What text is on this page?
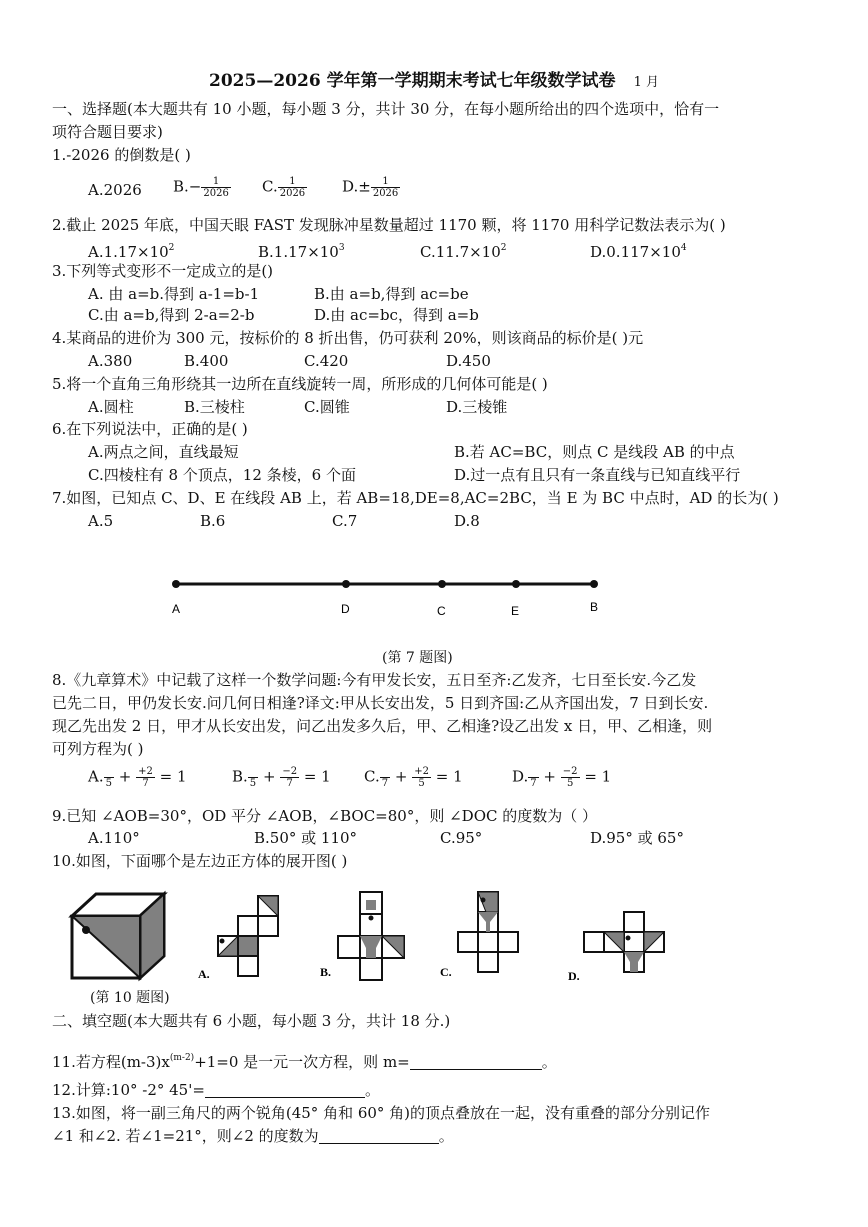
2025—2026 学年第一学期期末考试七年级数学试卷 1 月
一、选择题(本大题共有 10 小题，每小题 3 分，共计 30 分，在每小题所给出的四个选项中，恰有一
项符合题目要求)
1.-2026 的倒数是( )
A.2026 $B.- \frac{1}{2026} C$. $\frac{1}{2026} D.\pm \frac{1}{2026}$
2.截止 2025 年底，中国天眼 FAST 发现脉冲星数量超过 1170 颗，将 1170 用科学记数法表示为( )
$A.1.17\times 10^2$	$B.1.17\times 10^3$	$C.11.7\times 10^2$	$D.0.117\times 10^4$
3.下列等式变形不一定成立的是()
A. 由 a=b.得到 a-1=b-1	B.由 a=b,得到 ac=be
C.由 a=b,得到 2-a=2-b	D.由 ac=bc，得到 a=b
4.某商品的进价为 300 元，按标价的 8 折出售，仍可获利 20%，则该商品的标价是( )元
A.380	B.400	C.420	D.450
5.将一个直角三角形绕其一边所在直线旋转一周，所形成的几何体可能是( )
A.圆柱	B.三棱柱	C.圆锥	D.三棱锥
6.在下列说法中，正确的是( )
A.两点之间，直线最短	B.若 AC=BC，则点 C 是线段 AB 的中点
C.四棱柱有 8 个顶点，12 条棱，6 个面	D.过一点有且只有一条直线与已知直线平行
7.如图，已知点 C、D、E 在线段 AB 上，若 AB=18,DE=8,AC=2BC，当 E 为 BC 中点时，AD 的长为( )
A.5	B.6	C.7	D.8
A	D	C	E	B
(第 7 题图)
8.《九章算术》中记载了这样一个数学问题:今有甲发长安，五日至齐:乙发齐，七日至长安.今乙发
已先二日，甲仍发长安.问几何日相逢?译文:甲从长安出发，5 日到齐国:乙从齐国出发，7 日到长安.
现乙先出发 2 日，甲才从长安出发，问乙出发多久后，甲、乙相逢?设乙出发 x 日，甲、乙相逢，则
可列方程为( )
A. $5 + \frac{+2}{7} = 1$	B. $5 + \frac{-2}{7} = 1$ C. $7 + \frac{+2}{5} = 1$	D. $7 + \frac{-2}{5} = 1$
9.已知 ∠AOB=30°，OD 平分 ∠AOB，∠BOC=80°，则 ∠DOC 的度数为（ ）
A.110°	B.50° 或 110°	C.95°	D.95° 或 65°
10.如图，下面哪个是左边正方体的展开图( )
(第 10 题图)
A.	B.	C.	D.
二、填空题(本大题共有 6 小题，每小题 3 分，共计 18 分.)
11.若方程$(m-3)x^{(m-2)}+1=0$ 是一元一次方程，则 m=	。
12.计算:10° -2° 45'=	。
13.如图，将一副三角尺的两个锐角(45° 角和 60° 角)的顶点叠放在一起，没有重叠的部分分别记作
∠1 和∠2. 若∠1=21°，则∠2 的度数为	。
